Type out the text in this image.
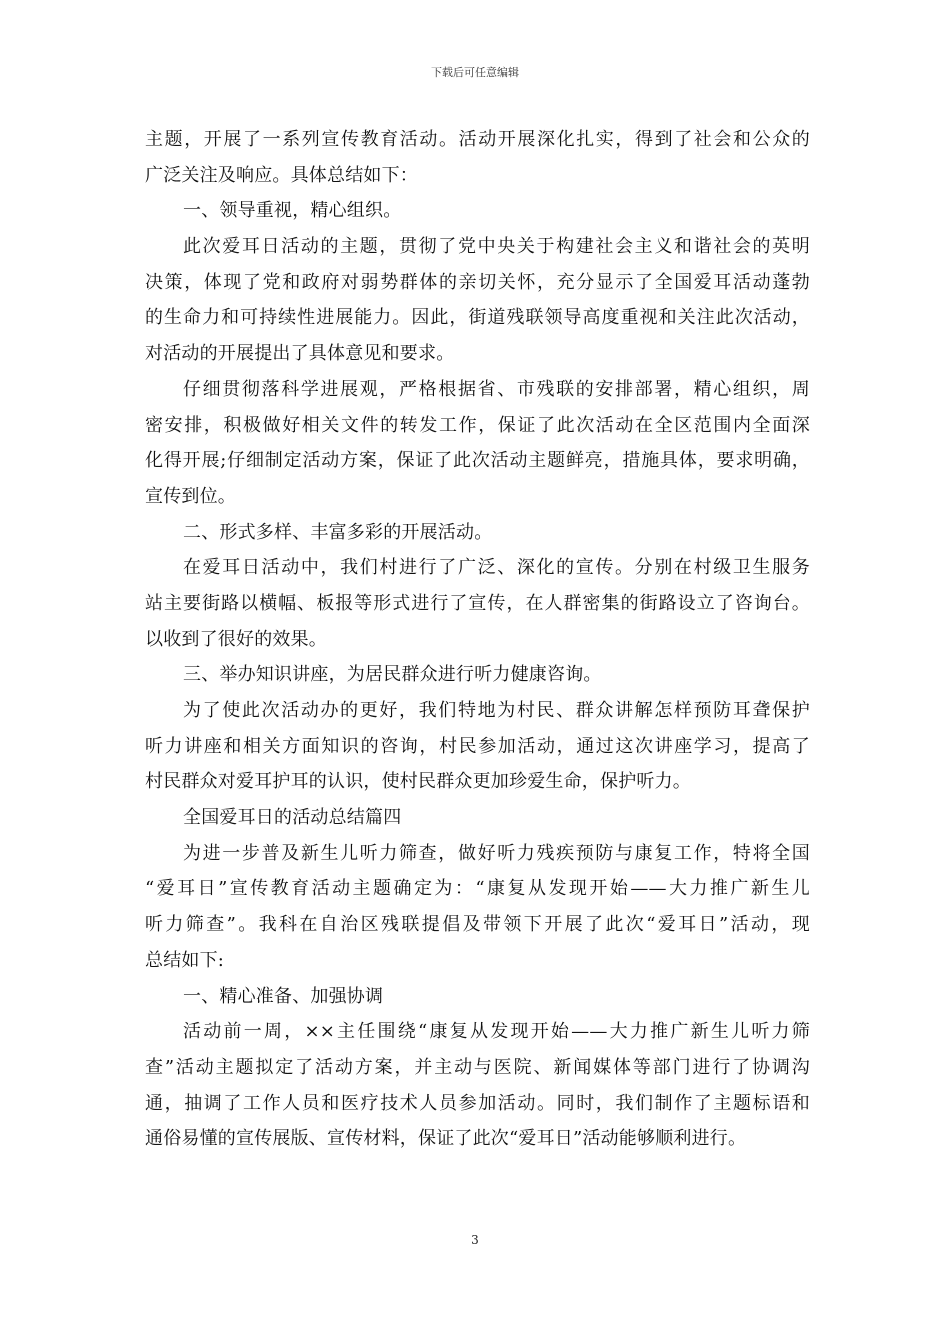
下载后可任意编辑
主题，开展了一系列宣传教育活动。活动开展深化扎实，得到了社会和公众的
广泛关注及响应。具体总结如下：
一、领导重视，精心组织。
此次爱耳日活动的主题，贯彻了党中央关于构建社会主义和谐社会的英明
决策，体现了党和政府对弱势群体的亲切关怀，充分显示了全国爱耳活动蓬勃
的生命力和可持续性进展能力。因此，街道残联领导高度重视和关注此次活动，
对活动的开展提出了具体意见和要求。
仔细贯彻落科学进展观，严格根据省、市残联的安排部署，精心组织，周
密安排，积极做好相关文件的转发工作，保证了此次活动在全区范围内全面深
化得开展;仔细制定活动方案，保证了此次活动主题鲜亮，措施具体，要求明确，
宣传到位。
二、形式多样、丰富多彩的开展活动。
在爱耳日活动中，我们村进行了广泛、深化的宣传。分别在村级卫生服务
站主要街路以横幅、板报等形式进行了宣传，在人群密集的街路设立了咨询台。
以收到了很好的效果。
三、举办知识讲座，为居民群众进行听力健康咨询。
为了使此次活动办的更好，我们特地为村民、群众讲解怎样预防耳聋保护
听力讲座和相关方面知识的咨询，村民参加活动，通过这次讲座学习，提高了
村民群众对爱耳护耳的认识，使村民群众更加珍爱生命，保护听力。
全国爱耳日的活动总结篇四
为进一步普及新生儿听力筛查，做好听力残疾预防与康复工作，特将全国
“爱耳日”宣传教育活动主题确定为：“康复从发现开始——大力推广新生儿
听力筛查”。我科在自治区残联提倡及带领下开展了此次“爱耳日”活动，现
总结如下:
一、精心准备、加强协调
活动前一周，××主任围绕“康复从发现开始——大力推广新生儿听力筛
查”活动主题拟定了活动方案，并主动与医院、新闻媒体等部门进行了协调沟
通，抽调了工作人员和医疗技术人员参加活动。同时，我们制作了主题标语和
通俗易懂的宣传展版、宣传材料，保证了此次“爱耳日”活动能够顺利进行。
3
